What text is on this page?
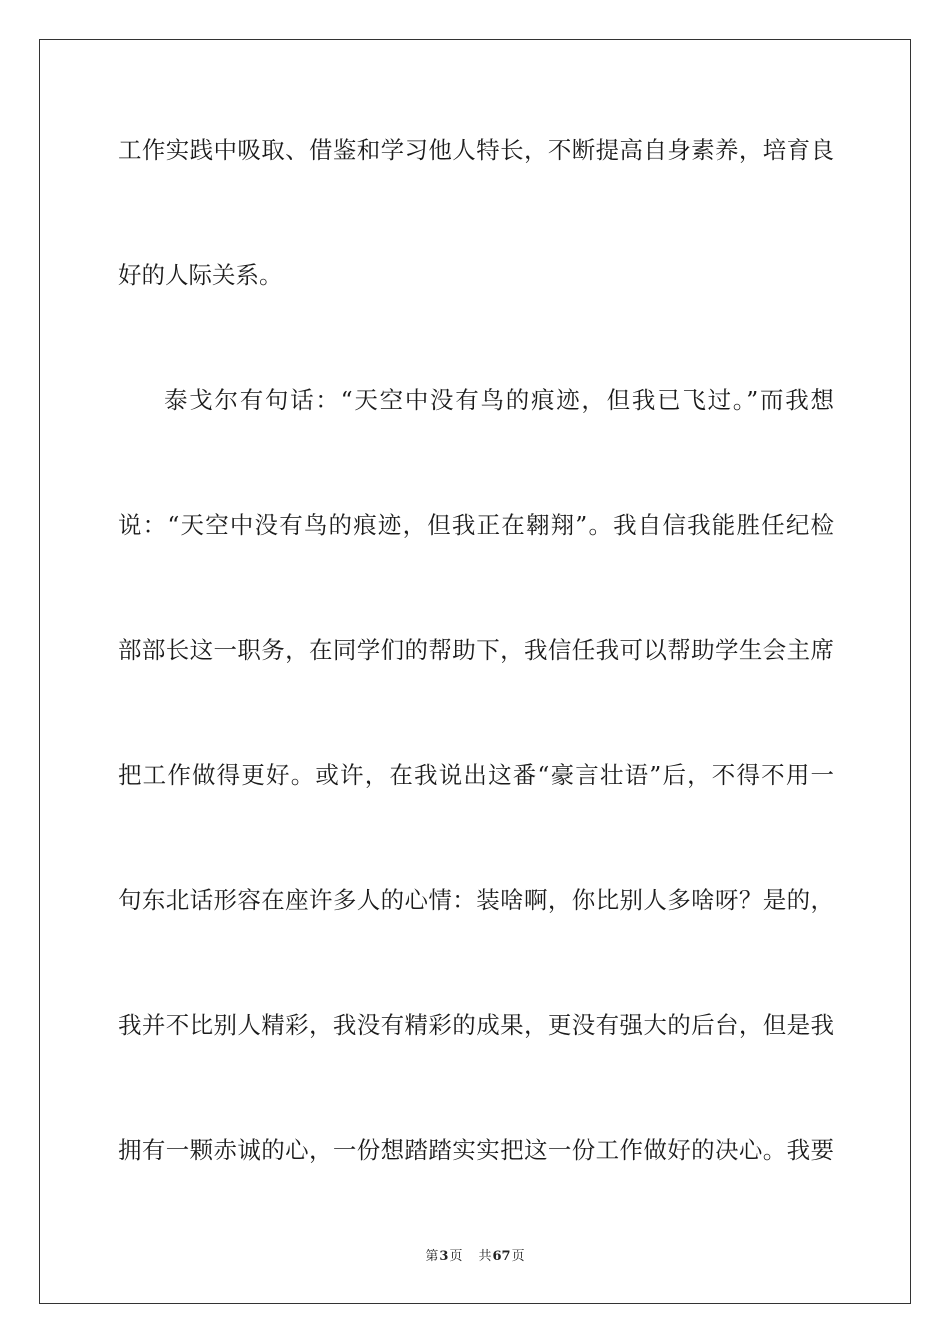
工作实践中吸取、借鉴和学习他人特长，不断提高自身素养，培育良
好的人际关系。
泰戈尔有句话：“天空中没有鸟的痕迹，但我已飞过。”而我想
说：“天空中没有鸟的痕迹，但我正在翱翔”。我自信我能胜任纪检
部部长这一职务，在同学们的帮助下，我信任我可以帮助学生会主席
把工作做得更好。或许，在我说出这番“豪言壮语”后，不得不用一
句东北话形容在座许多人的心情：装啥啊，你比别人多啥呀？是的，
我并不比别人精彩，我没有精彩的成果，更没有强大的后台，但是我
拥有一颗赤诚的心，一份想踏踏实实把这一份工作做好的决心。我要
第3页 共67页
